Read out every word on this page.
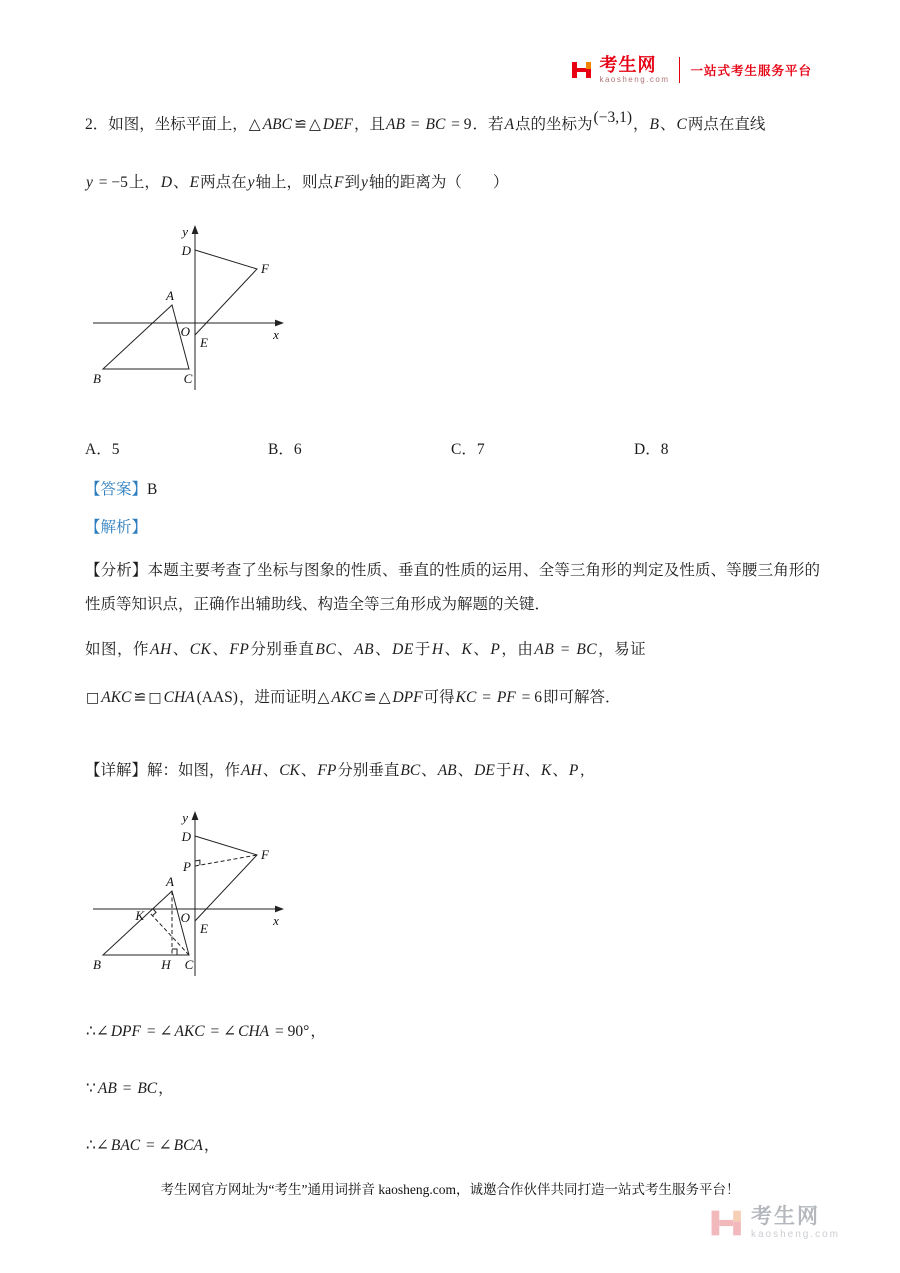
考生网
kaosheng.com
一站式考生服务平台
2．如图，坐标平面上，△ ABC ≌ △ DEF，且AB = BC = 9．若A点的坐标为(−3,1)，B、C两点在直线
y = −5上，D、E两点在y轴上，则点F到y轴的距离为（　　）
y
D
F
A
O
E
x
B	C
A．5	B．6	C．7	D．8
【答案】B
【解析】
【分析】本题主要考查了坐标与图象的性质、垂直的性质的运用、全等三角形的判定及性质、等腰三角形的性质等知识点，正确作出辅助线、构造全等三角形成为解题的关键．
如图，作AH、CK、FP分别垂直BC、AB、DE于H、K、P，由AB = BC，易证
□ AKC ≌ □ CHA (AAS)，进而证明△ AKC ≌ △ DPF可得KC = PF = 6即可解答．
【详解】解：如图，作AH、CK、FP分别垂直BC、AB、DE于H、K、P ,
y
D
P
F
A
O
E
x
K
B	H C
∴∠ DPF = ∠ AKC = ∠ CHA = 90°，
∵ AB = BC，
∴∠ BAC = ∠ BCA，
考生网官方网址为“考生”通用词拼音 kaosheng.com，诚邀合作伙伴共同打造一站式考生服务平台！
考生网
kaosheng.com
